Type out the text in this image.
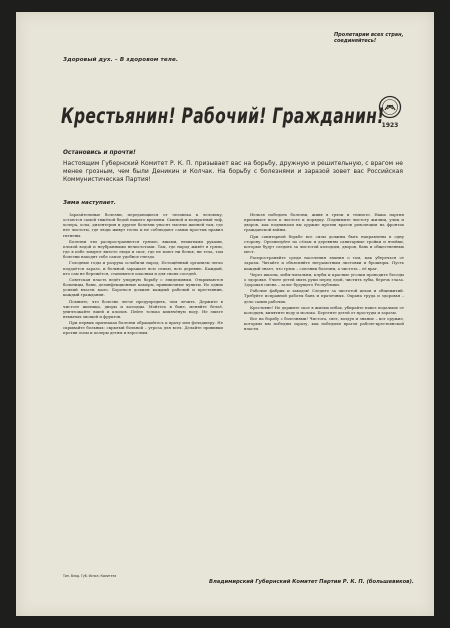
Здоровый дух. – В здоровом теле.
Пролетарии всех стран, соединяйтесь!
Крестьянин! Рабочий! Гражданин!
1923
Остановись и прочти!
Настоящим Губернский Комитет Р. К. П. призывает вас на борьбу, дружную и решительную, с врагом не менее грозным, чем были Деникин и Колчак. На борьбу с болезнями и заразой зовет вас Российская Коммунистическая Партия!
Зима наступает.

Зарази́тельные болезни, передающиеся от человека к человеку, остаются самой тяжёлой бедой нашего времени. Сыпной и возвратный тиф, холера, оспа, дизентерия и другие болезни уносят тысячи жизней там, где нет чистоты, где люди живут тесно и не соблюдают самых простых правил гигиены.

Болезни эти распространяются грязью, вшами, немытыми руками, плохой водой и неубранными нечистотами. Там, где народ живёт в грязи, где в избе зимуют вместе люди и скот, где не моют ни белья, ни тела, там болезни находят себе самое удобное гнездо.

Голодные годы и разруха ослабили народ. Истощённый организм легко поддаётся заразе, и больной заражает всю семью, всю деревню. Каждый, кто сам не бережётся, становится опасным и для своих соседей.

Советская власть ведёт упорную борьбу с эпидемиями. Открываются больницы, бани, дезинфекционные камеры, прививочные пункты. Но одних усилий власти мало. Бороться должен каждый рабочий и крестьянин, каждый гражданин.

Помните, что болезнь легче предупредить, чем лечить. Держите в чистоте жилища, дворы и колодцы. Мойтесь в бане, меняйте бельё, уничтожайте вшей и клопов. Пейте только кипячёную воду. Не ешьте немытых овощей и фруктов.

При первых признаках болезни обращайтесь к врачу или фельдшеру. Не скрывайте больных: скрытый больной – угроза для всех. Делайте прививки против оспы и холеры детям и взрослым.

Нельзя победить болезни, живя в грязи и темноте. Наша партия призывает всех к чистоте и порядку. Поднимите чистоту жилищ, улиц и дворов, как поднимали вы оружие против врагов революции на фронтах гражданской войны.

При санитарной борьбе все силы должны быть направлены в одну сторону. Организуйте по сёлам и деревням санитарные тройки и ячейки, которые будут следить за чистотой колодцев, дворов, бань и общественных мест.

Распространяйте среди населения знания о том, как уберечься от заразы. Читайте и объясняйте неграмотным листовки и брошюры. Пусть каждый знает, что грязь – союзник болезни, а чистота – её враг.

Через школы, избы-читальни, клубы и красные уголки проводите беседы о здоровье. Учите детей мыть руки перед едой, чистить зубы, беречь глаза. Здоровая смена – залог будущего Республики.

Рабочие фабрик и заводов! Следите за чистотой цехов и общежитий. Требуйте исправной работы бань и прачечных. Охрана труда и здоровья – дело самих рабочих.

Крестьяне! Не держите скот в жилых избах, убирайте навоз подальше от колодцев, кипятите воду и молоко. Берегите детей от простуды и заразы.

Все на борьбу с болезнями! Чистота, свет, воздух и знание – вот оружие, которым мы победим заразу, как победили врагов рабоче-крестьянской власти.

Тип. Влад. Губ. Испол. Комитета
Владимирский Губернский Комитет Партии Р. К. П. (большевиков).
